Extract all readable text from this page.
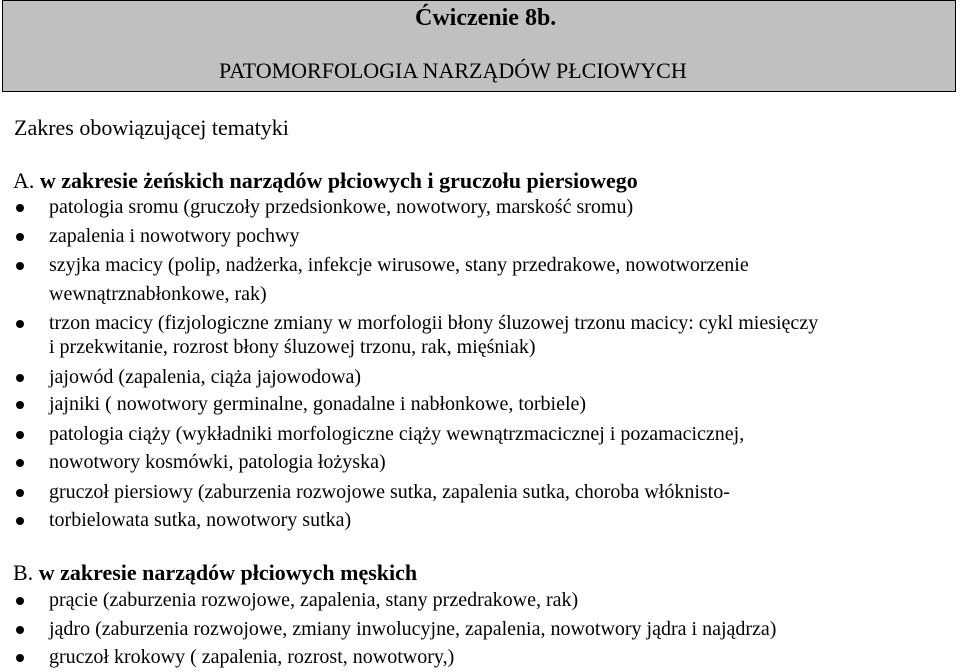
Ćwiczenie 8b.
PATOMORFOLOGIA NARZĄDÓW PŁCIOWYCH
Zakres obowiązującej tematyki
A. w zakresie żeńskich narządów płciowych i gruczołu piersiowego
patologia sromu (gruczoły przedsionkowe, nowotwory, marskość sromu)
zapalenia i nowotwory pochwy
szyjka macicy (polip, nadżerka, infekcje wirusowe, stany przedrakowe, nowotworzenie
wewnątrznabłonkowe, rak)
trzon macicy (fizjologiczne zmiany w morfologii błony śluzowej trzonu macicy: cykl miesięczy
i przekwitanie, rozrost błony śluzowej trzonu, rak, mięśniak)
jajowód (zapalenia, ciąża jajowodowa)
jajniki ( nowotwory germinalne, gonadalne i nabłonkowe, torbiele)
patologia ciąży (wykładniki morfologiczne ciąży wewnątrzmacicznej i pozamacicznej,
nowotwory kosmówki, patologia łożyska)
gruczoł piersiowy (zaburzenia rozwojowe sutka, zapalenia sutka, choroba włóknisto-
torbielowata sutka, nowotwory sutka)
B. w zakresie narządów płciowych męskich
prącie (zaburzenia rozwojowe, zapalenia, stany przedrakowe, rak)
jądro (zaburzenia rozwojowe, zmiany inwolucyjne, zapalenia, nowotwory jądra i najądrza)
gruczoł krokowy ( zapalenia, rozrost, nowotwory,)
